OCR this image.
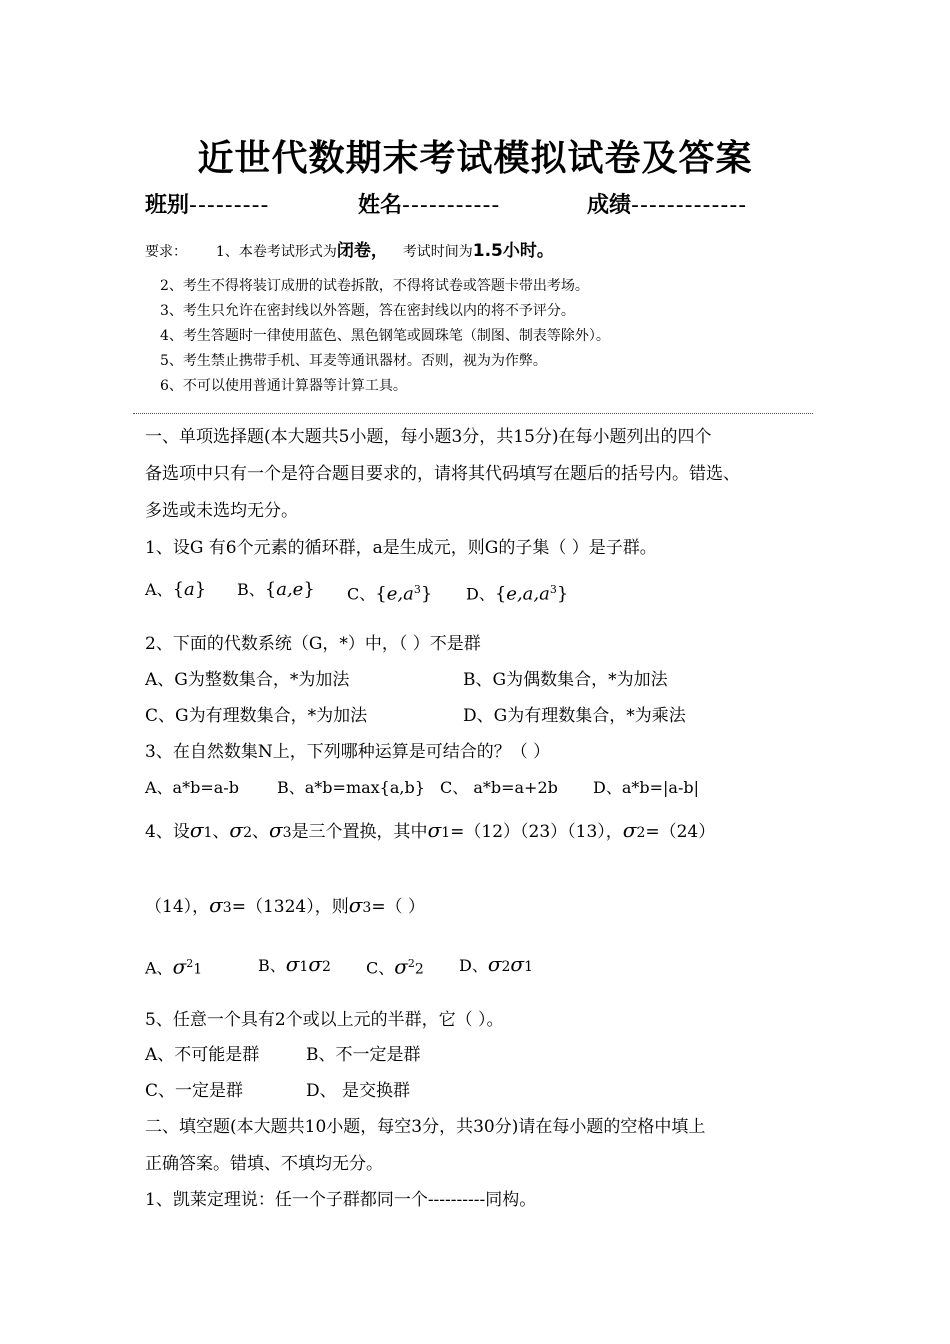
近世代数期末考试模拟试卷及答案
班别---------	姓名-----------	成绩-------------
要求： 1、本卷考试形式为闭卷， 考试时间为1.5小时。
2、考生不得将装订成册的试卷拆散，不得将试卷或答题卡带出考场。
3、考生只允许在密封线以外答题，答在密封线以内的将不予评分。
4、考生答题时一律使用蓝色、黑色钢笔或圆珠笔（制图、制表等除外）。
5、考生禁止携带手机、耳麦等通讯器材。否则，视为为作弊。
6、不可以使用普通计算器等计算工具。
一、单项选择题(本大题共5小题，每小题3分，共15分)在每小题列出的四个
备选项中只有一个是符合题目要求的，请将其代码填写在题后的括号内。错选、
多选或未选均无分。
1、设G 有6个元素的循环群，a是生成元，则G的子集（ ）是子群。
A、{a} B、{a,e} C、$\{e,a^3\}$ D、$\{e,a,a^3\}$
2、下面的代数系统（G，*）中，（ ）不是群
A、G为整数集合，*为加法	B、G为偶数集合，*为加法
C、G为有理数集合，*为加法	D、G为有理数集合，*为乘法
3、在自然数集N上，下列哪种运算是可结合的？（ ）
A、a*b=a-b B、a*b=max{a,b} C、 a*b=a+2b D、a*b=|a-b|
4、设σ1、σ2、σ3是三个置换，其中σ1=（12）（23）（13），σ2=（24）
（14），σ3=（1324），则σ3=（ ）
A、$\sigma^21$	B、σ1σ2 C、$\sigma^22$ D、σ2σ1
5、任意一个具有2个或以上元的半群，它（ ）。
A、不可能是群	B、不一定是群
C、一定是群	D、 是交换群
二、填空题(本大题共10小题，每空3分，共30分)请在每小题的空格中填上
正确答案。错填、不填均无分。
1、凯莱定理说：任一个子群都同一个----------同构。
